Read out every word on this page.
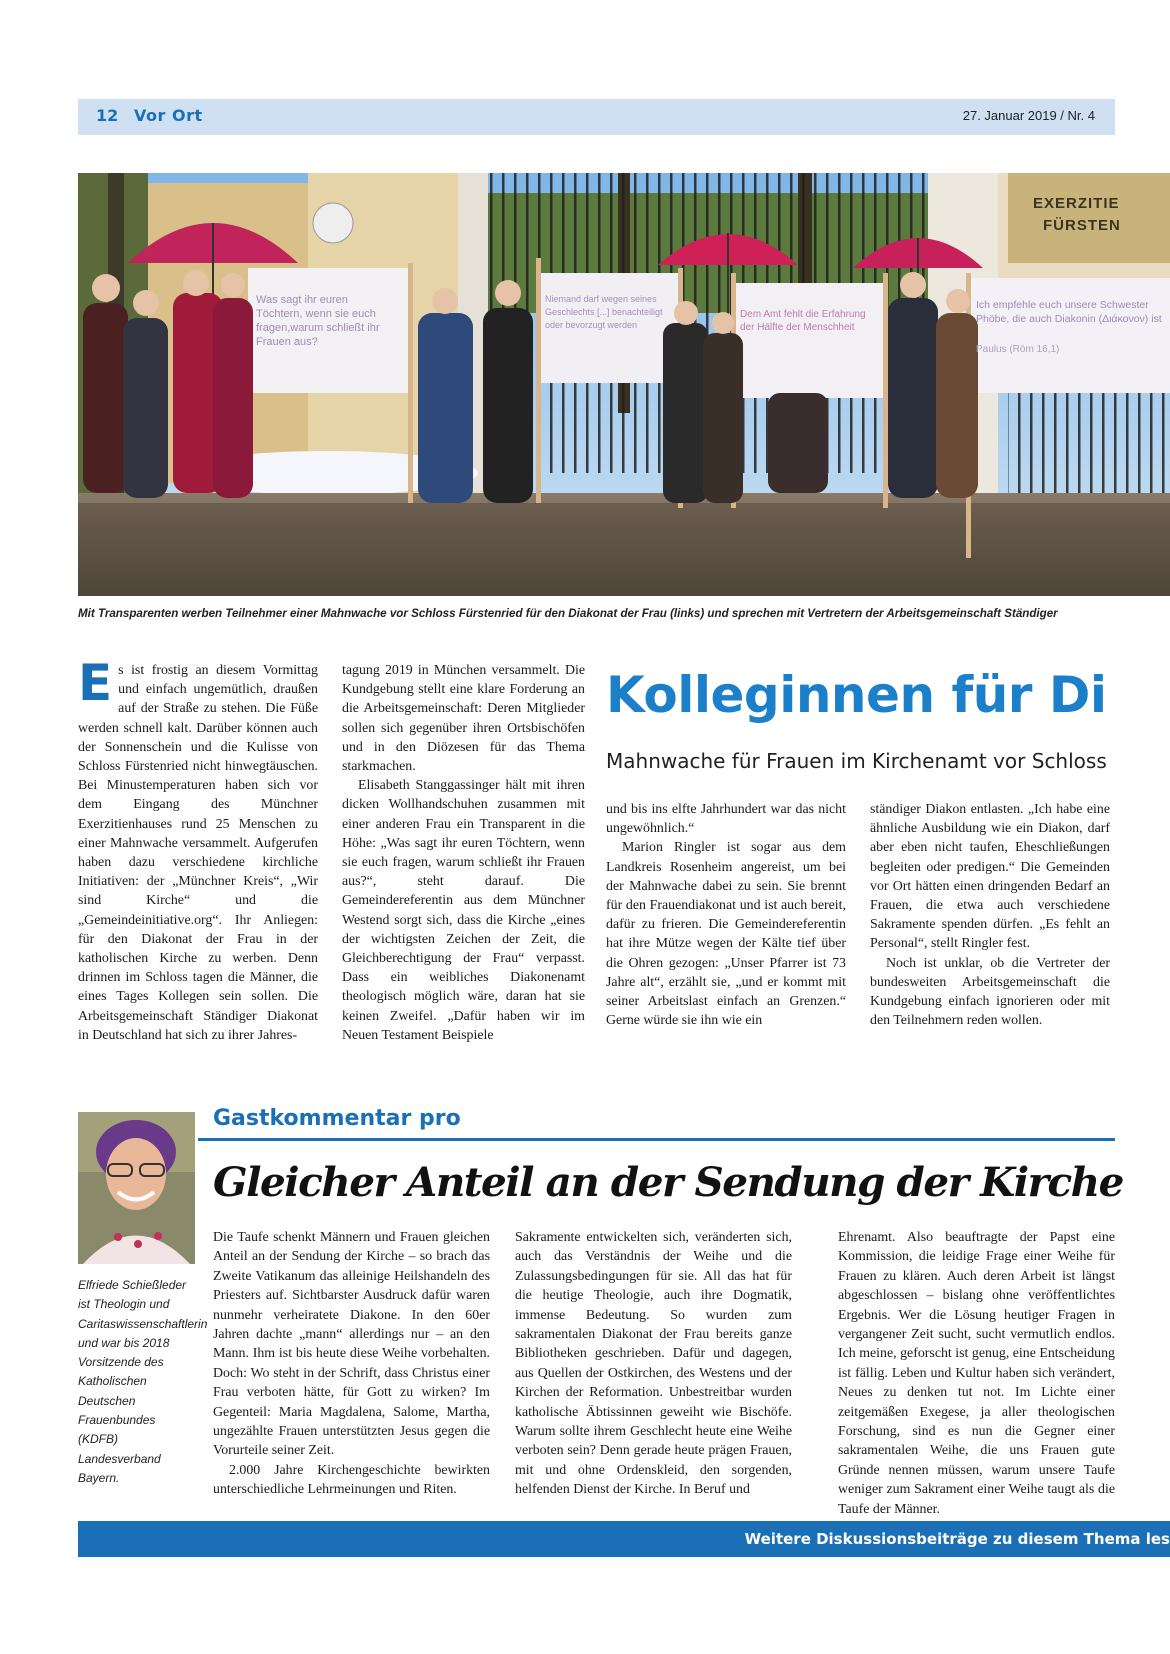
12 Vor Ort	27. Januar 2019 / Nr. 4
Was sagt ihr euren Töchtern, wenn sie euch fragen,warum schließt ihr Frauen aus?
Niemand darf wegen seines Geschlechts [...] benachteiligt oder bevorzugt werden
Dem Amt fehlt die Erfahrung der Hälfte der Menschheit
Ich empfehle euch unsere Schwester Phöbe, die auch Diakonin (Διάκονον) ist
Paulus (Röm 16,1)
EXERZITIE
FÜRSTEN
Mit Transparenten werben Teilnehmer einer Mahnwache vor Schloss Fürstenried für den Diakonat der Frau (links) und sprechen mit Vertretern der Arbeitsgemeinschaft Ständiger

Es ist frostig an diesem Vormittag und einfach ungemütlich, draußen auf der Straße zu stehen. Die Füße werden schnell kalt. Darüber können auch der Sonnenschein und die Kulisse von Schloss Fürstenried nicht hinwegtäuschen. Bei Minustemperaturen haben sich vor dem Eingang des Münchner Exerzitienhauses rund 25 Menschen zu einer Mahnwache versammelt. Aufgerufen haben dazu verschiedene kirchliche Initiativen: der „Münchner Kreis“, „Wir sind Kirche“ und die „Gemeindeinitiative.org“. Ihr Anliegen: für den Diakonat der Frau in der katholischen Kirche zu werben. Denn drinnen im Schloss tagen die Männer, die eines Tages Kollegen sein sollen. Die Arbeitsgemeinschaft Ständiger Diakonat in Deutschland hat sich zu ihrer Jahres-

tagung 2019 in München versammelt. Die Kundgebung stellt eine klare Forderung an die Arbeitsgemeinschaft: Deren Mitglieder sollen sich gegenüber ihren Ortsbischöfen und in den Diözesen für das Thema starkmachen.

Elisabeth Stanggassinger hält mit ihren dicken Wollhandschuhen zusammen mit einer anderen Frau ein Transparent in die Höhe: „Was sagt ihr euren Töchtern, wenn sie euch fragen, warum schließt ihr Frauen aus?“, steht darauf. Die Gemeindereferentin aus dem Münchner Westend sorgt sich, dass die Kirche „eines der wichtigsten Zeichen der Zeit, die Gleichberechtigung der Frau“ verpasst. Dass ein weibliches Diakonenamt theologisch möglich wäre, daran hat sie keinen Zweifel. „Dafür haben wir im Neuen Testament Beispiele

Kolleginnen für Di
Mahnwache für Frauen im Kirchenamt vor Schloss

und bis ins elfte Jahrhundert war das nicht ungewöhnlich.“

Marion Ringler ist sogar aus dem Landkreis Rosenheim angereist, um bei der Mahnwache dabei zu sein. Sie brennt für den Frauendiakonat und ist auch bereit, dafür zu frieren. Die Gemeindereferentin hat ihre Mütze wegen der Kälte tief über die Ohren gezogen: „Unser Pfarrer ist 73 Jahre alt“, erzählt sie, „und er kommt mit seiner Arbeitslast einfach an Grenzen.“ Gerne würde sie ihn wie ein

ständiger Diakon entlasten. „Ich habe eine ähnliche Ausbildung wie ein Diakon, darf aber eben nicht taufen, Eheschließungen begleiten oder predigen.“ Die Gemeinden vor Ort hätten einen dringenden Bedarf an Frauen, die etwa auch verschiedene Sakramente spenden dürfen. „Es fehlt an Personal“, stellt Ringler fest.

Noch ist unklar, ob die Vertreter der bundesweiten Arbeitsgemeinschaft die Kundgebung einfach ignorieren oder mit den Teilnehmern reden wollen.

Elfriede Schießleder ist Theologin und Caritaswissenschaftlerin und war bis 2018 Vorsitzende des Katholischen Deutschen Frauenbundes (KDFB) Landesverband Bayern.
Gastkommentar pro
Gleicher Anteil an der Sendung der Kirche

Die Taufe schenkt Männern und Frauen gleichen Anteil an der Sendung der Kirche – so brach das Zweite Vatikanum das alleinige Heilshandeln des Priesters auf. Sichtbarster Ausdruck dafür waren nunmehr verheiratete Diakone. In den 60er Jahren dachte „mann“ allerdings nur – an den Mann. Ihm ist bis heute diese Weihe vorbehalten. Doch: Wo steht in der Schrift, dass Christus einer Frau verboten hätte, für Gott zu wirken? Im Gegenteil: Maria Magdalena, Salome, Martha, ungezählte Frauen unterstützten Jesus gegen die Vorurteile seiner Zeit.

2.000 Jahre Kirchengeschichte bewirkten unterschiedliche Lehrmeinungen und Riten.

Sakramente entwickelten sich, veränderten sich, auch das Verständnis der Weihe und die Zulassungsbedingungen für sie. All das hat für die heutige Theologie, auch ihre Dogmatik, immense Bedeutung. So wurden zum sakramentalen Diakonat der Frau bereits ganze Bibliotheken geschrieben. Dafür und dagegen, aus Quellen der Ostkirchen, des Westens und der Kirchen der Reformation. Unbestreitbar wurden katholische Äbtissinnen geweiht wie Bischöfe. Warum sollte ihrem Geschlecht heute eine Weihe verboten sein? Denn gerade heute prägen Frauen, mit und ohne Ordenskleid, den sorgenden, helfenden Dienst der Kirche. In Beruf und

Ehrenamt. Also beauftragte der Papst eine Kommission, die leidige Frage einer Weihe für Frauen zu klären. Auch deren Arbeit ist längst abgeschlossen – bislang ohne veröffentlichtes Ergebnis. Wer die Lösung heutiger Fragen in vergangener Zeit sucht, sucht vermutlich endlos. Ich meine, geforscht ist genug, eine Entscheidung ist fällig. Leben und Kultur haben sich verändert, Neues zu denken tut not. Im Lichte einer zeitgemäßen Exegese, ja aller theologischen Forschung, sind es nun die Gegner einer sakramentalen Weihe, die uns Frauen gute Gründe nennen müssen, warum unsere Taufe weniger zum Sakrament einer Weihe taugt als die Taufe der Männer.

Weitere Diskussionsbeiträge zu diesem Thema les
